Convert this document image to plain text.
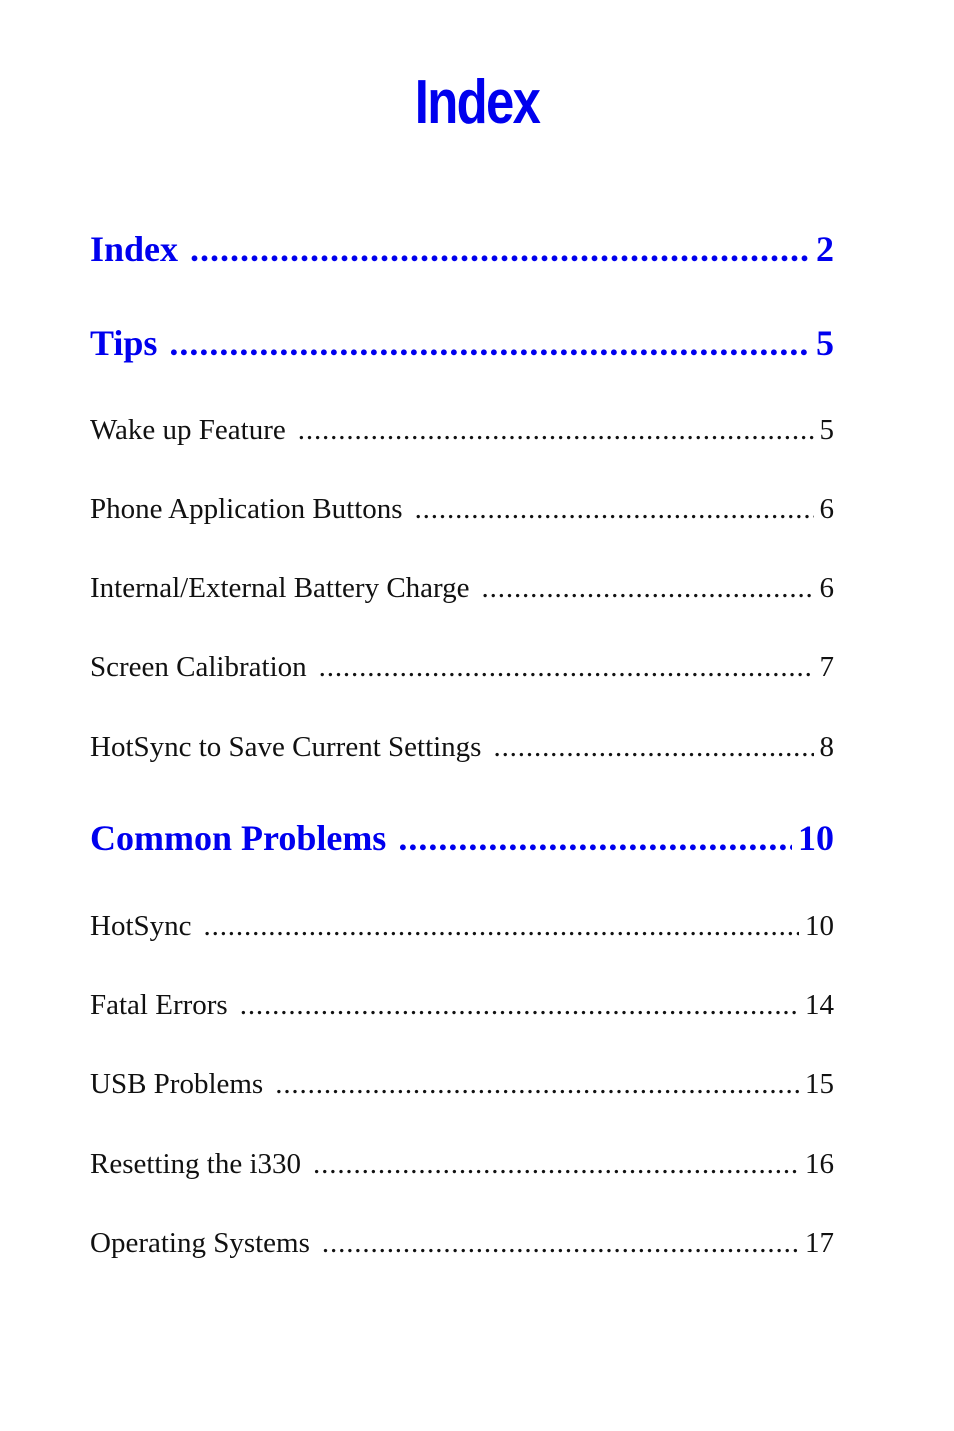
Index
Index . . .	2
Tips . . .	5
Wake up Feature . . .	5
Phone Application Buttons . . .	6
Internal/External Battery Charge . . .	6
Screen Calibration . . .	7
HotSync to Save Current Settings . . .	8
Common Problems . . .	10
HotSync . . .	10
Fatal Errors . . .	14
USB Problems . . .	15
Resetting the i330 . . .	16
Operating Systems . . .	17
